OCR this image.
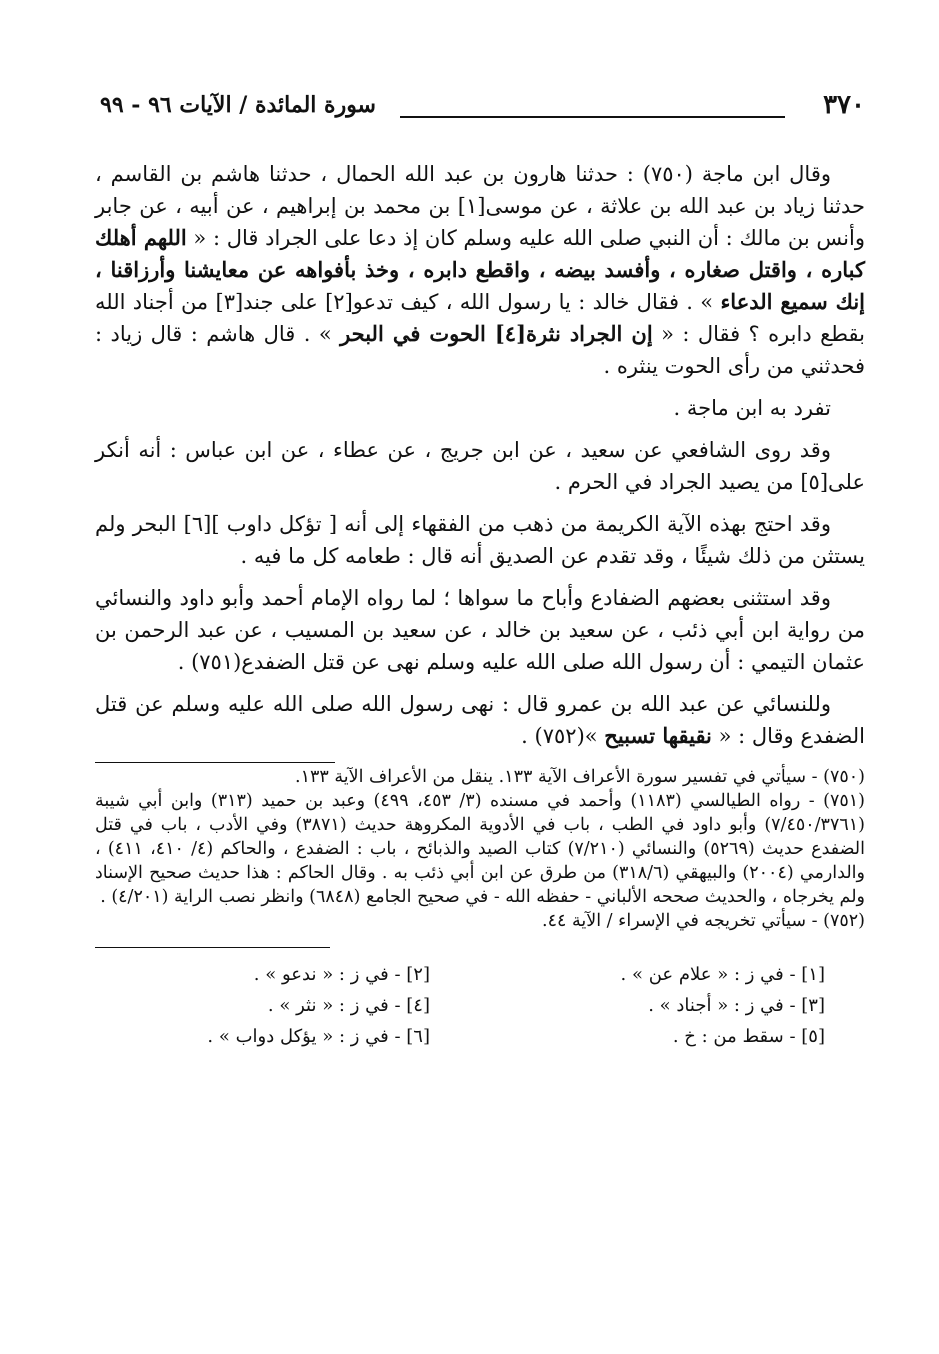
٣٧٠
سورة المائدة / الآيات ٩٦ - ٩٩

وقال ابن ماجة (٧٥٠) : حدثنا هارون بن عبد الله الحمال ، حدثنا هاشم بن القاسم ، حدثنا زياد بن عبد الله بن علاثة ، عن موسى[١] بن محمد بن إبراهيم ، عن أبيه ، عن جابر وأنس بن مالك : أن النبي صلى الله عليه وسلم كان إذ دعا على الجراد قال : « اللهم أهلك كباره ، واقتل صغاره ، وأفسد بيضه ، واقطع دابره ، وخذ بأفواهه عن معايشنا وأرزاقنا ، إنك سميع الدعاء » . فقال خالد : يا رسول الله ، كيف تدعو[٢] على جند[٣] من أجناد الله بقطع دابره ؟ فقال : « إن الجراد نثرة[٤] الحوت في البحر » . قال هاشم : قال زياد : فحدثني من رأى الحوت ينثره .

تفرد به ابن ماجة .

وقد روى الشافعي عن سعيد ، عن ابن جريج ، عن عطاء ، عن ابن عباس : أنه أنكر على[٥] من يصيد الجراد في الحرم .

وقد احتج بهذه الآية الكريمة من ذهب من الفقهاء إلى أنه [ تؤكل داوب ][٦] البحر ولم يستثن من ذلك شيئًا ، وقد تقدم عن الصديق أنه قال : طعامه كل ما فيه .

وقد استثنى بعضهم الضفادع وأباح ما سواها ؛ لما رواه الإمام أحمد وأبو داود والنسائي من رواية ابن أبي ذئب ، عن سعيد بن خالد ، عن سعيد بن المسيب ، عن عبد الرحمن بن عثمان التيمي : أن رسول الله صلى الله عليه وسلم نهى عن قتل الضفدع(٧٥١) .

وللنسائي عن عبد الله بن عمرو قال : نهى رسول الله صلى الله عليه وسلم عن قتل الضفدع وقال : « نقيقها تسبيح »(٧٥٢) .

(٧٥٠) - سيأتي في تفسير سورة الأعراف الآية ١٣٣. ينقل من الأعراف الآية ١٣٣.

(٧٥١) - رواه الطيالسي (١١٨٣) وأحمد في مسنده (٣/ ٤٥٣، ٤٩٩) وعبد بن حميد (٣١٣) وابن أبي شيبة (٧/٤٥٠/٣٧٦١) وأبو داود في الطب ، باب في الأدوية المكروهة حديث (٣٨٧١) وفي الأدب ، باب في قتل الضفدع حديث (٥٢٦٩) والنسائي (٧/٢١٠) كتاب الصيد والذبائح ، باب : الضفدع ، والحاكم (٤/ ٤١٠، ٤١١) ، والدارمي (٢٠٠٤) والبيهقي (٣١٨/٦) من طرق عن ابن أبي ذئب به . وقال الحاكم : هذا حديث صحيح الإسناد ولم يخرجاه ، والحديث صححه الألباني - حفظه الله - في صحيح الجامع (٦٨٤٨) وانظر نصب الراية (٤/٢٠١) .

(٧٥٢) - سيأتي تخريجه في الإسراء / الآية ٤٤.

[١] - في ز : « علام عن » .
[٢] - في ز : « ندعو » .
[٣] - في ز : « أجناد » .
[٤] - في ز : « نثر » .
[٥] - سقط من : خ .
[٦] - في ز : « يؤكل دواب » .
